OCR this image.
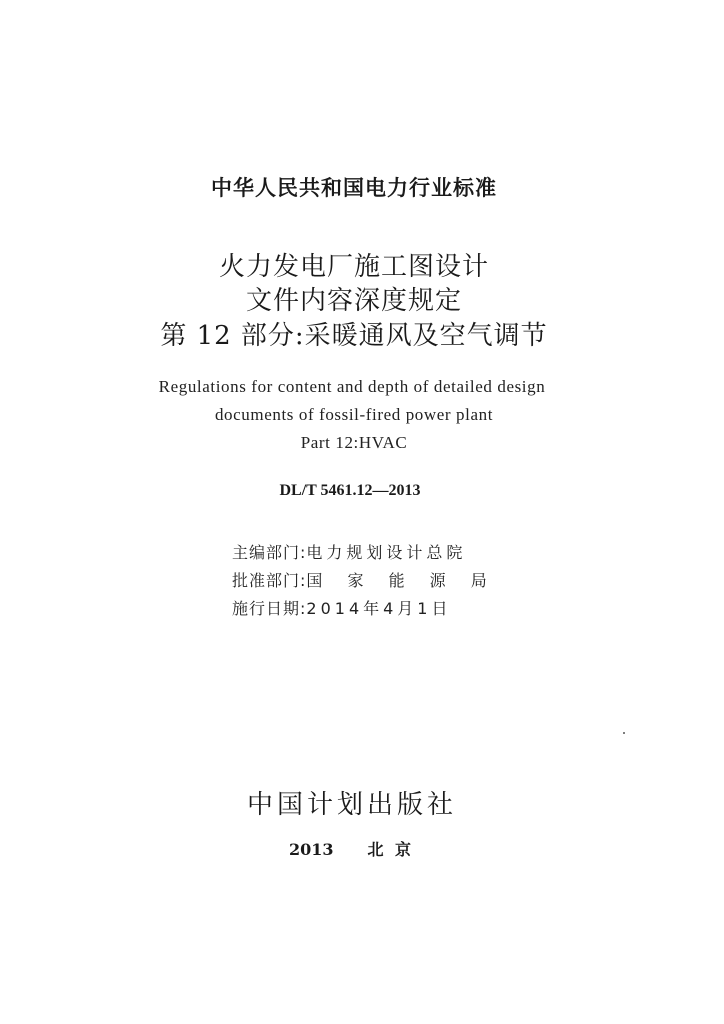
中华人民共和国电力行业标准
火力发电厂施工图设计
文件内容深度规定
第 12 部分:采暖通风及空气调节
Regulations for content and depth of detailed design
documents of fossil-fired power plant
Part 12:HVAC
DL/T 5461.12—2013
主编部门: 电力规划设计总院
批准部门: 国 家 能 源 局
施行日期: 2014年4月1日
中国计划出版社
2013 北 京
